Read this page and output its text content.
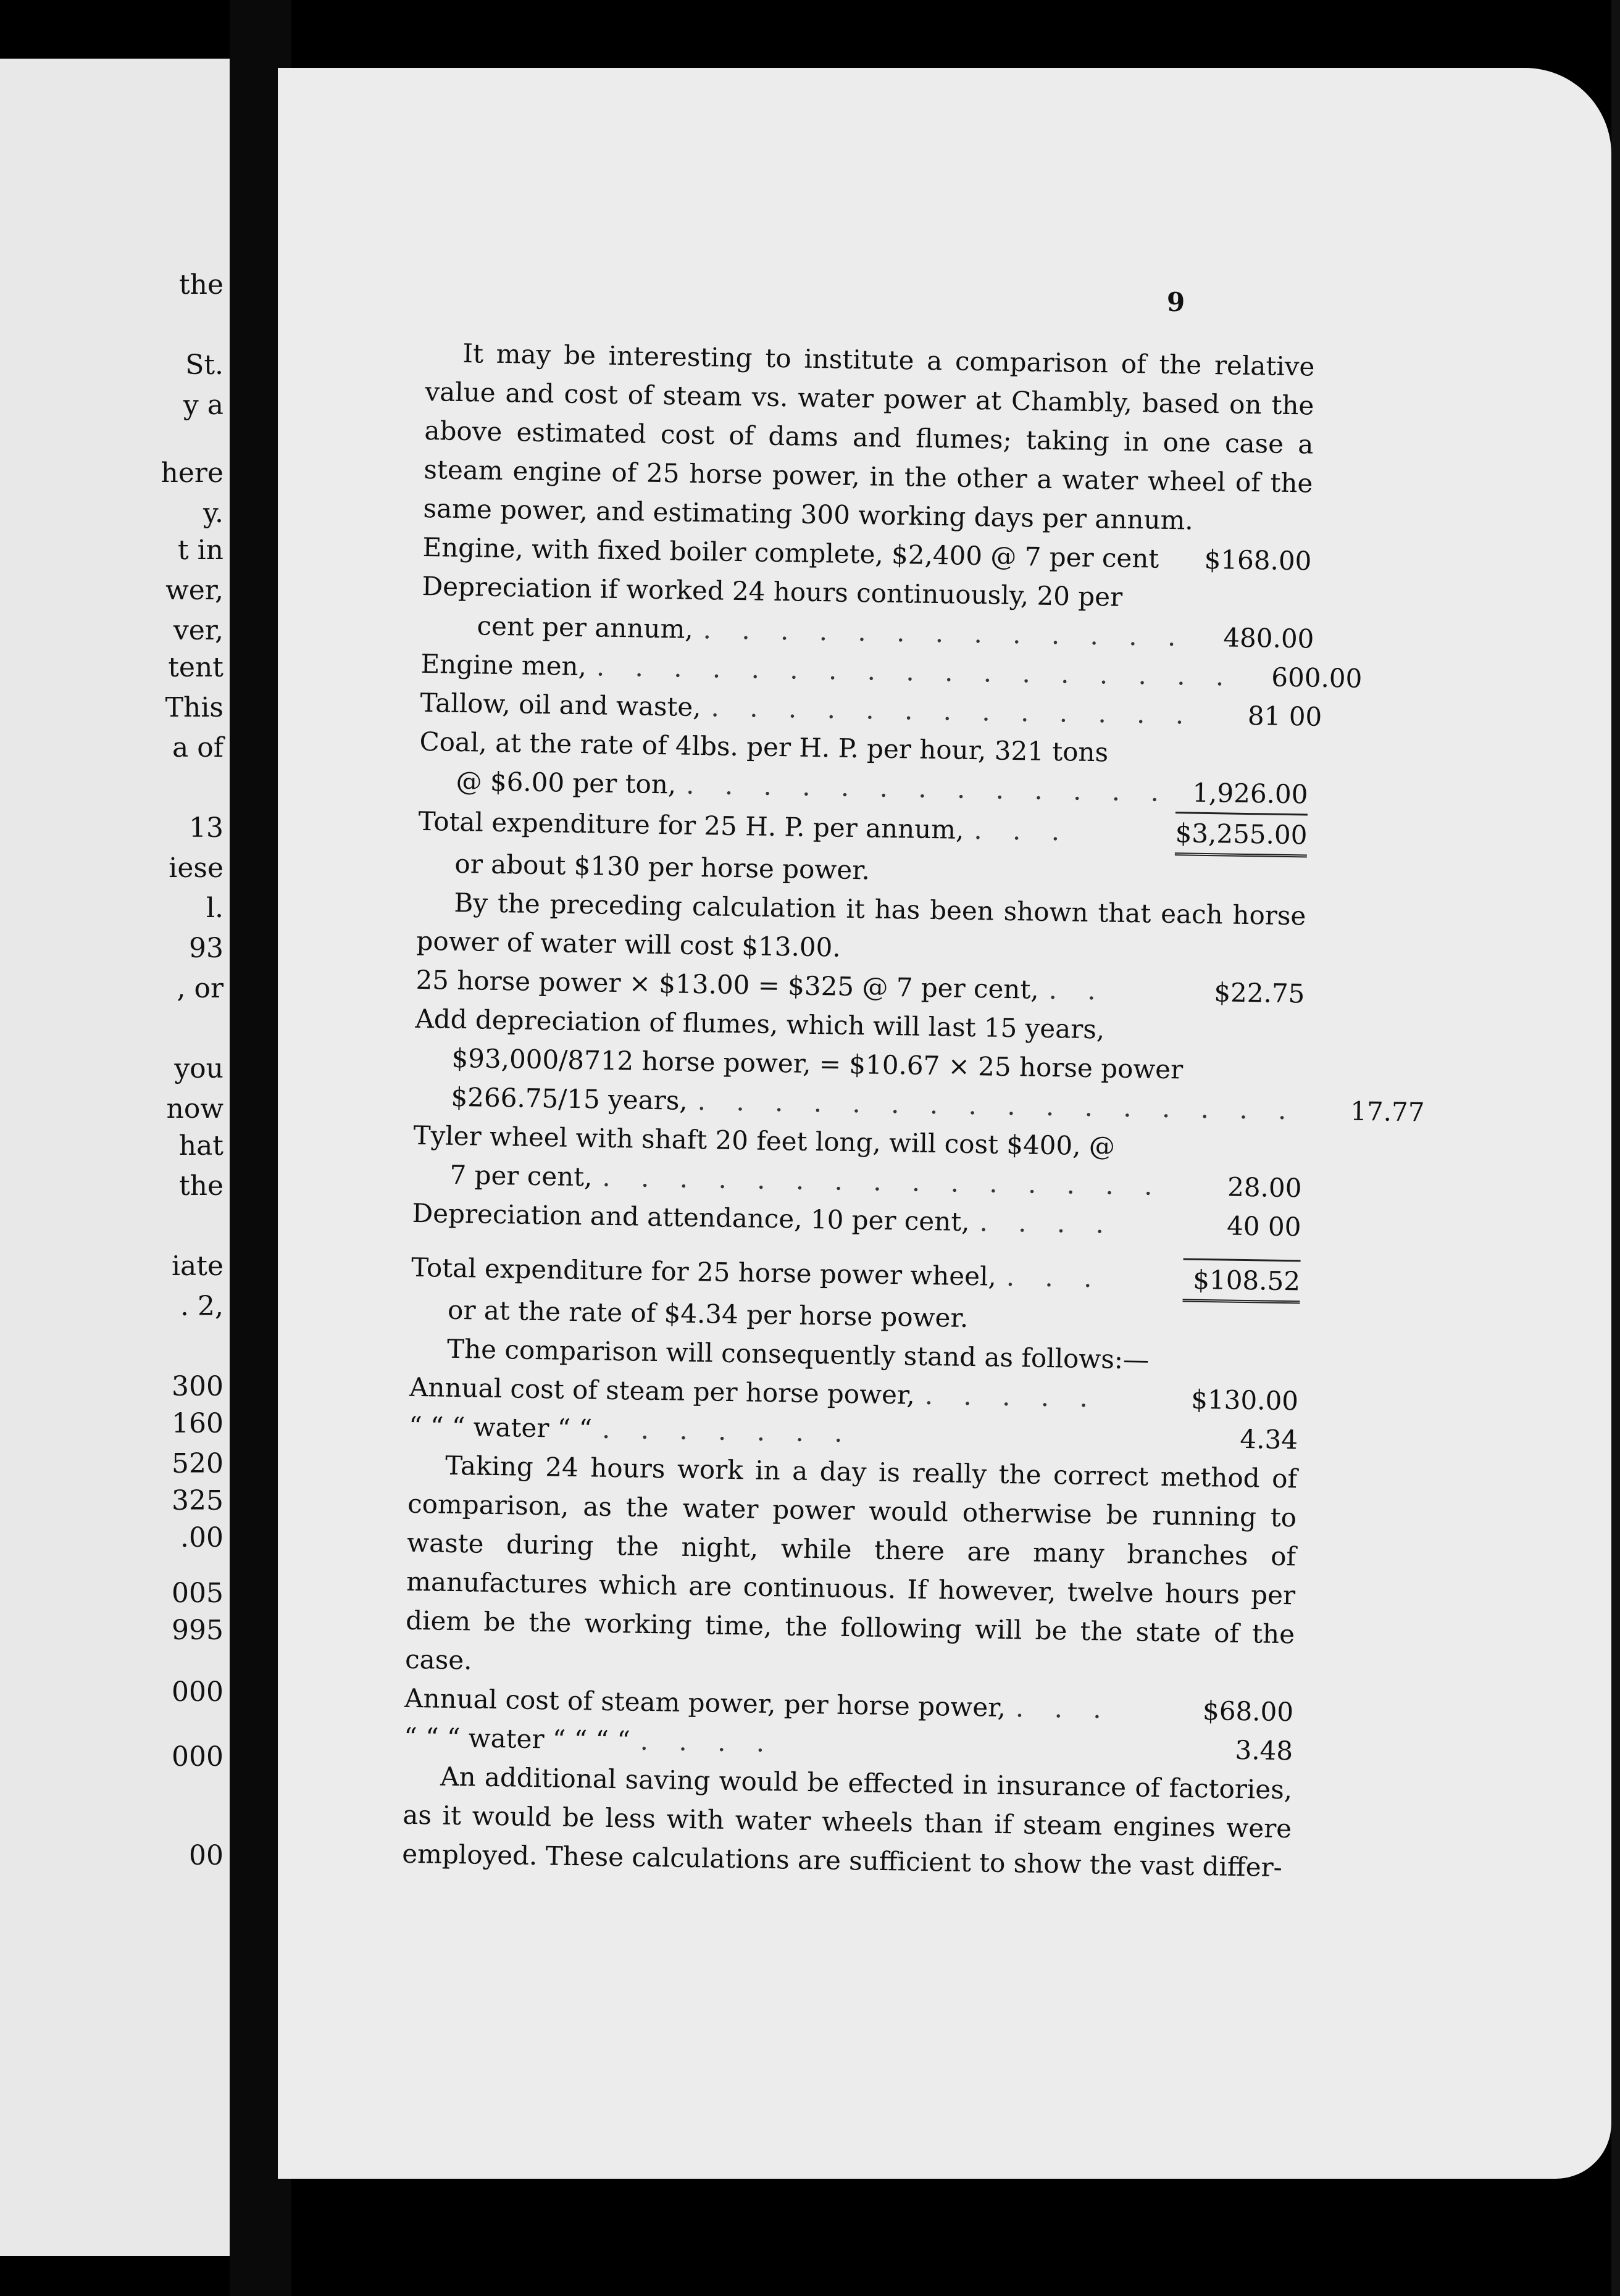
the
St.
y a
here
y.
t in
wer,
ver,
tent
This
a of
13
iese
l.
93
, or
you
now
hat
the
iate
. 2,
300
160
520
325
.00
005
995
000
000
00
9

It may be interesting to institute a comparison of the relative value and cost of steam vs. water power at Chambly, based on the above estimated cost of dams and flumes; taking in one case a steam engine of 25 horse power, in the other a water wheel of the same power, and estimating 300 working days per annum.

Engine, with fixed boiler complete, $2,400 @ 7 per cent	$168.00
Depreciation if worked 24 hours continuously, 20 per
cent per annum, . . . . . . . . . . . . .	480.00
Engine men, . . . . . . . . . . . . . . . . .	600.00
Tallow, oil and waste, . . . . . . . . . . . . .	81 00
Coal, at the rate of 4lbs. per H. P. per hour, 321 tons
@ $6.00 per ton, . . . . . . . . . . . . . 1,926.00
Total expenditure for 25 H. P. per annum, . . .	$3,255.00
or about $130 per horse power.

By the preceding calculation it has been shown that each horse power of water will cost $13.00.

25 horse power × $13.00 = $325 @ 7 per cent, . .	$22.75
Add depreciation of flumes, which will last 15 years,
$93,000/8712 horse power, = $10.67 × 25 horse power
$266.75/15 years, . . . . . . . . . . . . . . . .	17.77
Tyler wheel with shaft 20 feet long, will cost $400, @
7 per cent, . . . . . . . . . . . . . . .	28.00
Depreciation and attendance, 10 per cent, . . . .	40 00
Total expenditure for 25 horse power wheel, . . .	$108.52
or at the rate of $4.34 per horse power.

The comparison will consequently stand as follows:—

Annual cost of steam per horse power, . . . . .	$130.00
“ “ “ water “ “ . . . . . . .	4.34

Taking 24 hours work in a day is really the correct method of comparison, as the water power would otherwise be running to waste during the night, while there are many branches of manufactures which are continuous. If however, twelve hours per diem be the working time, the following will be the state of the case.

Annual cost of steam power, per horse power, . . .	$68.00
“ “ “ water “ “ “ “ . . . .	3.48

An additional saving would be effected in insurance of factories, as it would be less with water wheels than if steam engines were employed. These calculations are sufficient to show the vast differ-
